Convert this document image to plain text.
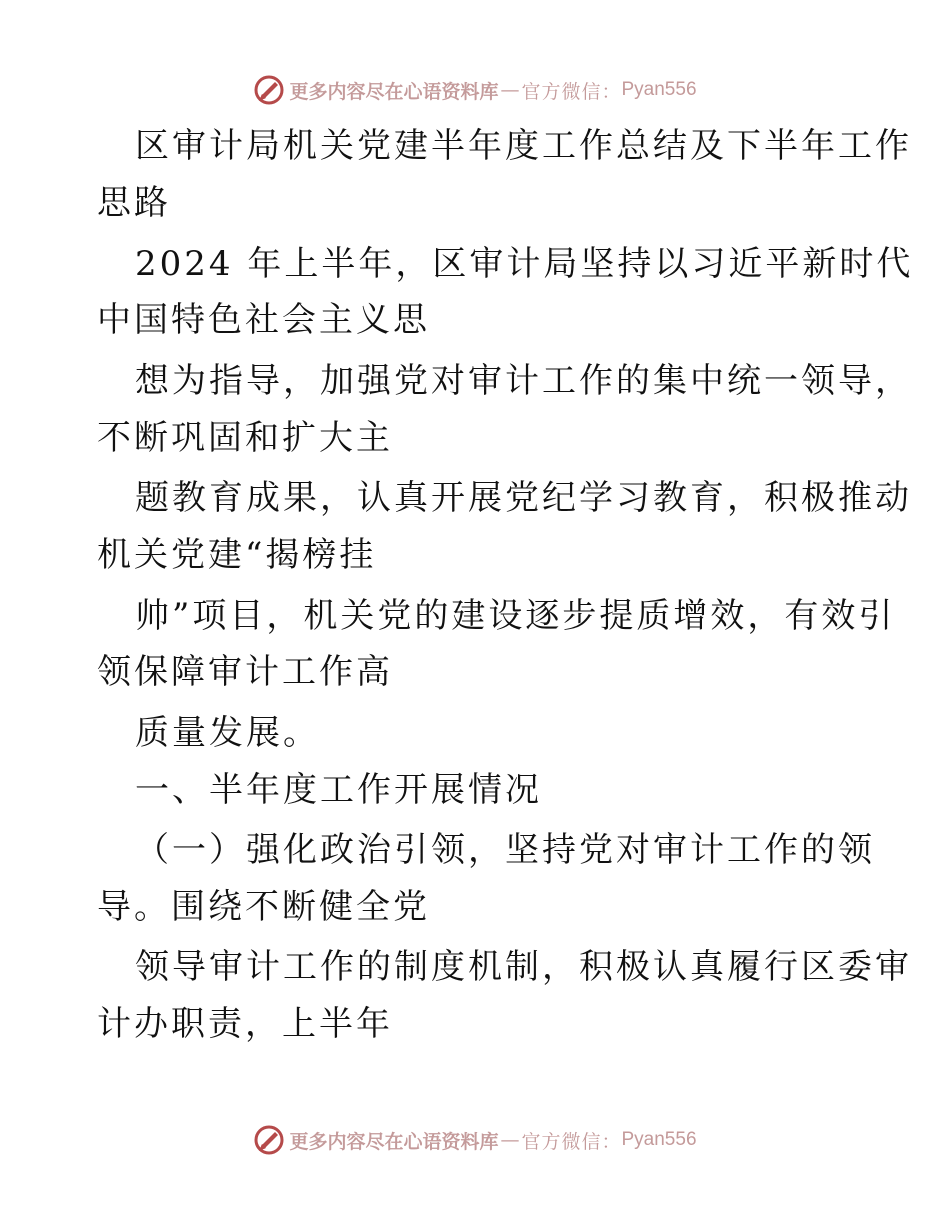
更多内容尽在心语资料库 — 官方微信： Pyan556
区审计局机关党建半年度工作总结及下半年工作
思路
2024 年上半年，区审计局坚持以习近平新时代
中国特色社会主义思
想为指导，加强党对审计工作的集中统一领导，
不断巩固和扩大主
题教育成果，认真开展党纪学习教育，积极推动
机关党建“揭榜挂
帅”项目，机关党的建设逐步提质增效，有效引
领保障审计工作高
质量发展。
一、半年度工作开展情况
（一）强化政治引领，坚持党对审计工作的领
导。围绕不断健全党
领导审计工作的制度机制，积极认真履行区委审
计办职责，上半年
更多内容尽在心语资料库 — 官方微信： Pyan556
